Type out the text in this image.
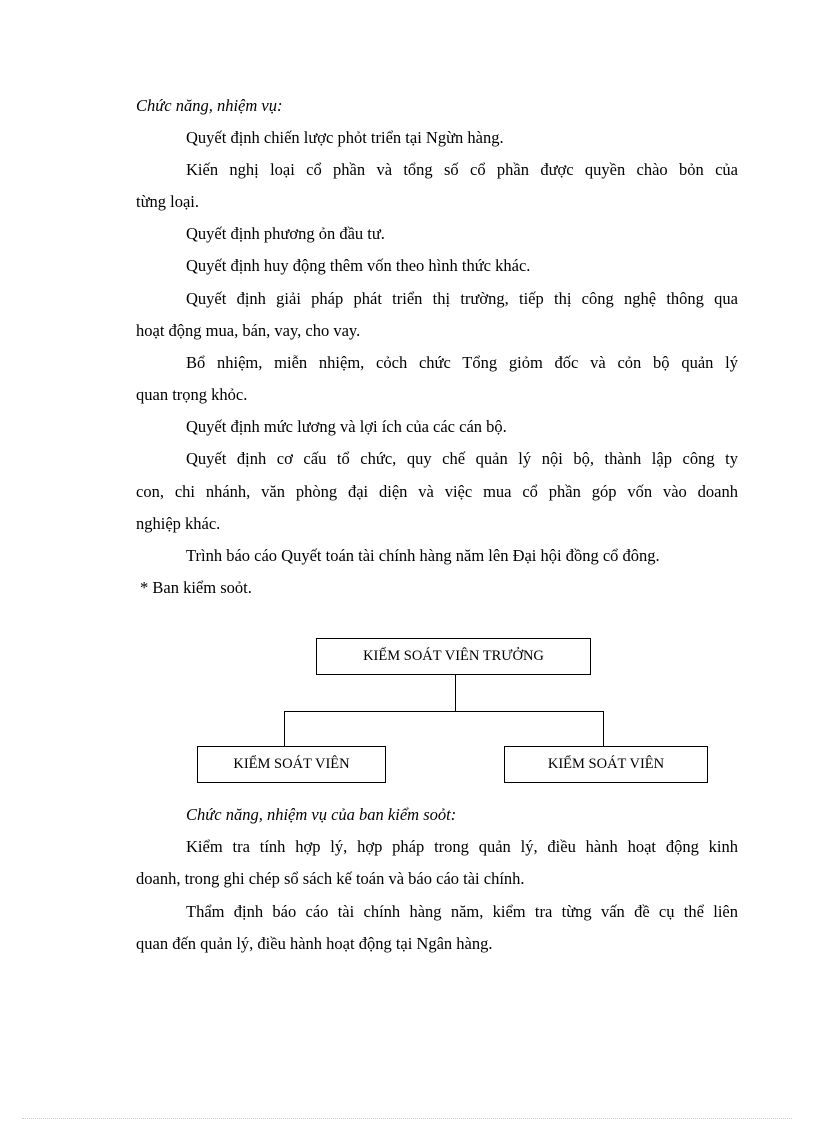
Chức năng, nhiệm vụ:
Quyết định chiến lược phỏt triển tại Ngừn hàng.
Kiến nghị loại cổ phần và tổng số cổ phần được quyền chào bỏn của
từng loại.
Quyết định phương ỏn đầu tư.
Quyết định huy động thêm vốn theo hình thức khác.
Quyết định giải pháp phát triển thị trường, tiếp thị công nghệ thông qua
hoạt động mua, bán, vay, cho vay.
Bổ nhiệm, miễn nhiệm, cỏch chức Tổng giỏm đốc và cỏn bộ quản lý
quan trọng khỏc.
Quyết định mức lương và lợi ích của các cán bộ.
Quyết định cơ cấu tổ chức, quy chế quản lý nội bộ, thành lập công ty
con, chi nhánh, văn phòng đại diện và việc mua cổ phần góp vốn vào doanh
nghiệp khác.
Trình báo cáo Quyết toán tài chính hàng năm lên Đại hội đồng cổ đông.
* Ban kiểm soỏt.
KIỂM SOÁT VIÊN TRƯỞNG
KIỂM SOÁT VIÊN	KIỂM SOÁT VIÊN
Chức năng, nhiệm vụ của ban kiểm soỏt:
Kiểm tra tính hợp lý, hợp pháp trong quản lý, điều hành hoạt động kinh
doanh, trong ghi chép sổ sách kế toán và báo cáo tài chính.
Thẩm định báo cáo tài chính hàng năm, kiểm tra từng vấn đề cụ thể liên
quan đến quản lý, điều hành hoạt động tại Ngân hàng.
